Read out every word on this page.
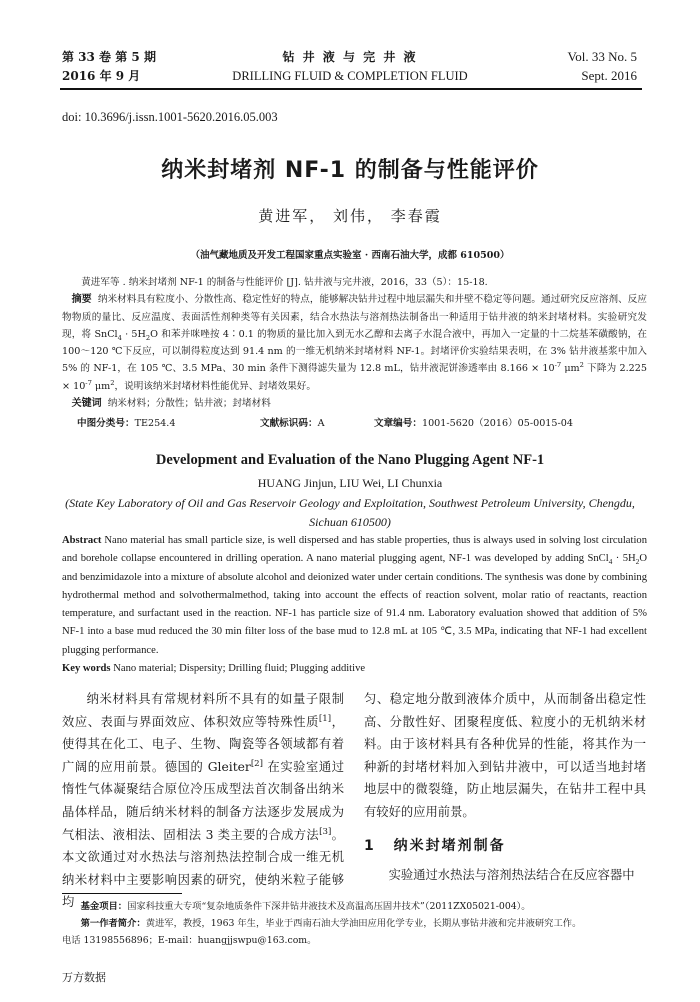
第 33 卷 第 5 期
2016 年 9 月
钻 井 液 与 完 井 液
DRILLING FLUID & COMPLETION FLUID
Vol. 33 No. 5
Sept. 2016
doi: 10.3696/j.issn.1001-5620.2016.05.003
纳米封堵剂 NF-1 的制备与性能评价
黄进军， 刘伟， 李春霞
（油气藏地质及开发工程国家重点实验室 · 西南石油大学，成都 610500）
黄进军等 . 纳米封堵剂 NF-1 的制备与性能评价 [J]. 钻井液与完井液，2016，33（5）：15-18.
摘要 纳米材料具有粒度小、分散性高、稳定性好的特点，能够解决钻井过程中地层漏失和井壁不稳定等问题。通过研究反应溶剂、反应物物质的量比、反应温度、表面活性剂种类等有关因素，结合水热法与溶剂热法制备出一种适用于钻井液的纳米封堵材料。实验研究发现，将 SnCl$_4$ · $5H_2O$ 和苯并咪唑按 4∶0.1 的物质的量比加入到无水乙醇和去离子水混合液中，再加入一定量的十二烷基苯磺酸钠，在 100～120 ℃下反应，可以制得粒度达到 91.4 nm 的一维无机纳米封堵材料 NF-1。封堵评价实验结果表明，在 3% 钻井液基浆中加入 5% 的 NF-1，在 105 ℃、3.5 MPa、30 min 条件下测得滤失量为 12.8 mL，钻井液泥饼渗透率由 $8.166 \times 10^{-7}$ $\mu m^2$ 下降为 $2.225 \times 10^{-7}$ $\mu m^2$，说明该纳米封堵材料性能优异、封堵效果好。
关键词 纳米材料；分散性；钻井液；封堵材料
中图分类号：TE254.4	文献标识码：A	文章编号：1001-5620（2016）05-0015-04
Development and Evaluation of the Nano Plugging Agent NF-1
HUANG Jinjun, LIU Wei, LI Chunxia
(State Key Laboratory of Oil and Gas Reservoir Geology and Exploitation, Southwest Petroleum University, Chengdu,
Sichuan 610500)
Abstract Nano material has small particle size, is well dispersed and has stable properties, thus is always used in solving lost circulation and borehole collapse encountered in drilling operation. A nano material plugging agent, NF-1 was developed by adding SnCl$_4$ · $5H_2O$ and benzimidazole into a mixture of absolute alcohol and deionized water under certain conditions. The synthesis was done by combining hydrothermal method and solvothermalmethod, taking into account the effects of reaction solvent, molar ratio of reactants, reaction temperature, and surfactant used in the reaction. NF-1 has particle size of 91.4 nm. Laboratory evaluation showed that addition of 5% NF-1 into a base mud reduced the 30 min filter loss of the base mud to 12.8 mL at 105 ℃, 3.5 MPa, indicating that NF-1 had excellent plugging performance.
Key words Nano material; Dispersity; Drilling fluid; Plugging additive

纳米材料具有常规材料所不具有的如量子限制效应、表面与界面效应、体积效应等特殊性质[1]，使得其在化工、电子、生物、陶瓷等各领域都有着广阔的应用前景。德国的 Gleiter[2] 在实验室通过惰性气体凝聚结合原位冷压成型法首次制备出纳米晶体样品，随后纳米材料的制备方法逐步发展成为气相法、液相法、固相法 3 类主要的合成方法[3]。本文欲通过对水热法与溶剂热法控制合成一维无机纳米材料中主要影响因素的研究，使纳米粒子能够均

匀、稳定地分散到液体介质中，从而制备出稳定性高、分散性好、团聚程度低、粒度小的无机纳米材料。由于该材料具有各种优异的性能，将其作为一种新的封堵材料加入到钻井液中，可以适当地封堵地层中的微裂缝，防止地层漏失，在钻井工程中具有较好的应用前景。

1 纳米封堵剂制备

实验通过水热法与溶剂热法结合在反应容器中

基金项目：国家科技重大专项“复杂地质条件下深井钻井液技术及高温高压固井技术”（2011ZX05021-004）。
第一作者简介：黄进军，教授，1963 年生，毕业于西南石油大学油田应用化学专业，长期从事钻井液和完井液研究工作。
电话 13198556896；E-mail：huangjjswpu@163.com。
万方数据
